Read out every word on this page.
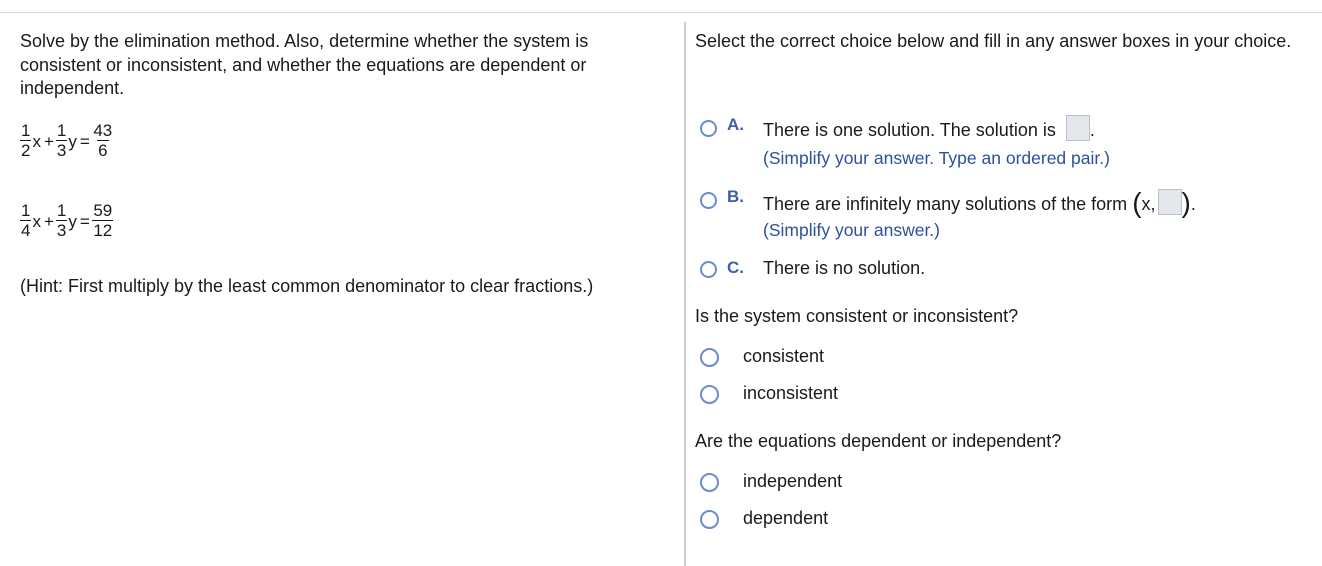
Solve by the elimination method. Also, determine whether the system is consistent or inconsistent, and whether the equations are dependent or independent.

$\frac{1}{2}$ $x + \frac{1}{3}$ $y = \frac{43}{6}$
$\frac{1}{4}$ $x + \frac{1}{3}$ $y = \frac{59}{12}$

(Hint: First multiply by the least common denominator to clear fractions.)

Select the correct choice below and fill in any answer boxes in your choice.

A. There is one solution. The solution is .
(Simplify your answer. Type an ordered pair.)
B. There are infinitely many solutions of the form (x, ).
(Simplify your answer.)
C. There is no solution.

Is the system consistent or inconsistent?

consistent
inconsistent

Are the equations dependent or independent?

independent
dependent
